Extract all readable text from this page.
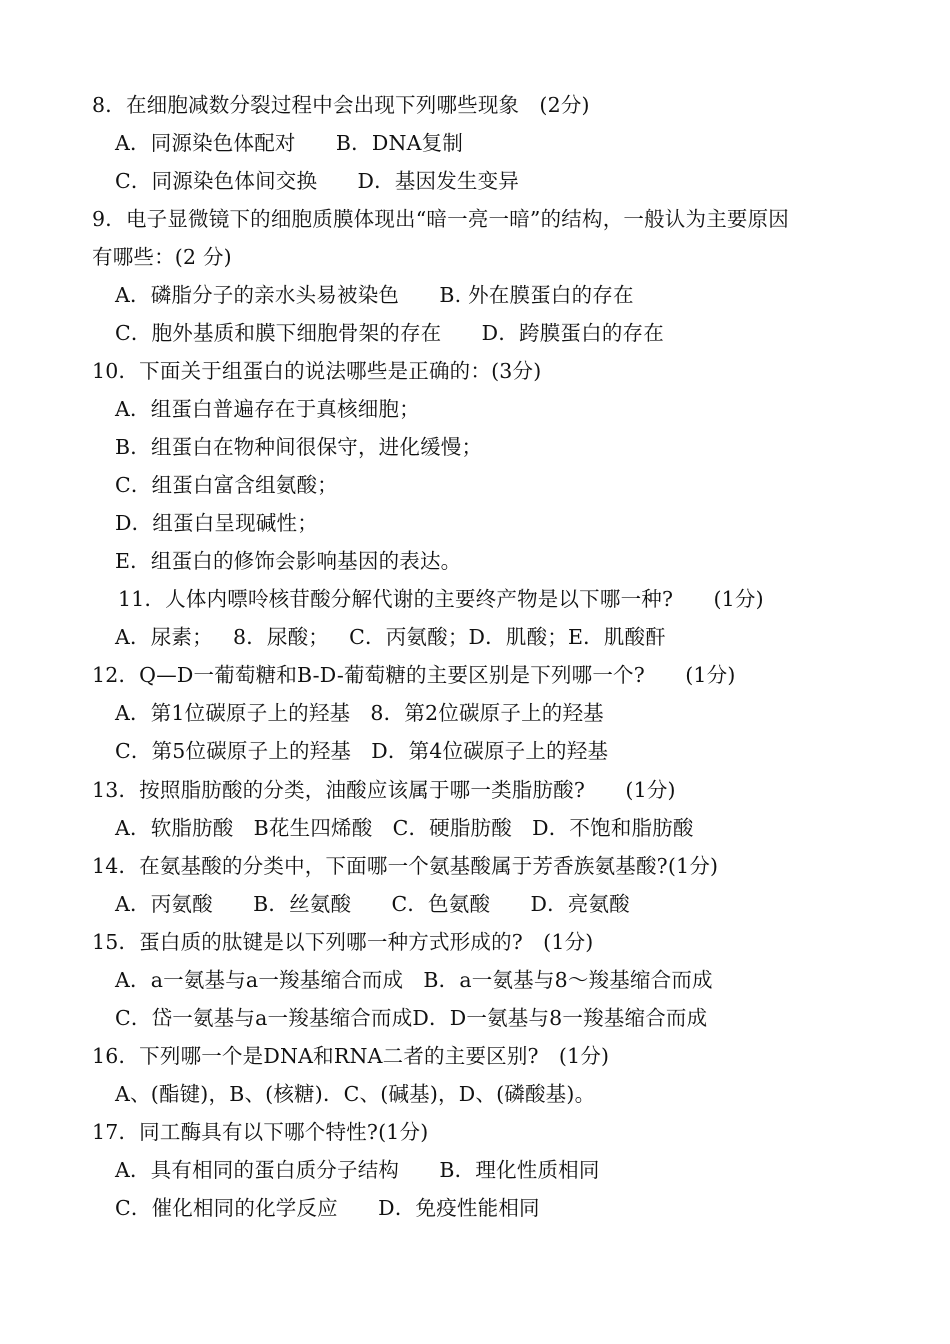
8．在细胞减数分裂过程中会出现下列哪些现象   (2分)
A．同源染色体配对      B．DNA复制
C．同源染色体间交换      D．基因发生变异
9．电子显微镜下的细胞质膜体现出“暗一亮一暗”的结构，一般认为主要原因
有哪些：(2 分)
A．磷脂分子的亲水头易被染色      B. 外在膜蛋白的存在
C．胞外基质和膜下细胞骨架的存在      D．跨膜蛋白的存在
10．下面关于组蛋白的说法哪些是正确的：(3分)
A．组蛋白普遍存在于真核细胞；
B．组蛋白在物种间很保守，进化缓慢；
C．组蛋白富含组氨酸；
D．组蛋白呈现碱性；
E．组蛋白的修饰会影响基因的表达。
11．人体内嘌呤核苷酸分解代谢的主要终产物是以下哪一种?      (1分)
A．尿素；   8．尿酸；   C．丙氨酸；D．肌酸；E．肌酸酐
12．Q—D一葡萄糖和B-D-葡萄糖的主要区别是下列哪一个?      (1分)
A．第1位碳原子上的羟基   8．第2位碳原子上的羟基
C．第5位碳原子上的羟基   D．第4位碳原子上的羟基
13．按照脂肪酸的分类，油酸应该属于哪一类脂肪酸?      (1分)
A．软脂肪酸   B花生四烯酸   C．硬脂肪酸   D．不饱和脂肪酸
14．在氨基酸的分类中，下面哪一个氨基酸属于芳香族氨基酸?(1分)
A．丙氨酸      B．丝氨酸      C．色氨酸      D．亮氨酸
15．蛋白质的肽键是以下列哪一种方式形成的?   (1分)
A．a一氨基与a一羧基缩合而成   B．a一氨基与8～羧基缩合而成
C．岱一氨基与a一羧基缩合而成D．D一氨基与8一羧基缩合而成
16．下列哪一个是DNA和RNA二者的主要区别?   (1分)
A、(酯键)，B、(核糖)．C、(碱基)，D、(磷酸基)。
17．同工酶具有以下哪个特性?(1分)
A．具有相同的蛋白质分子结构      B．理化性质相同
C．催化相同的化学反应      D．免疫性能相同
